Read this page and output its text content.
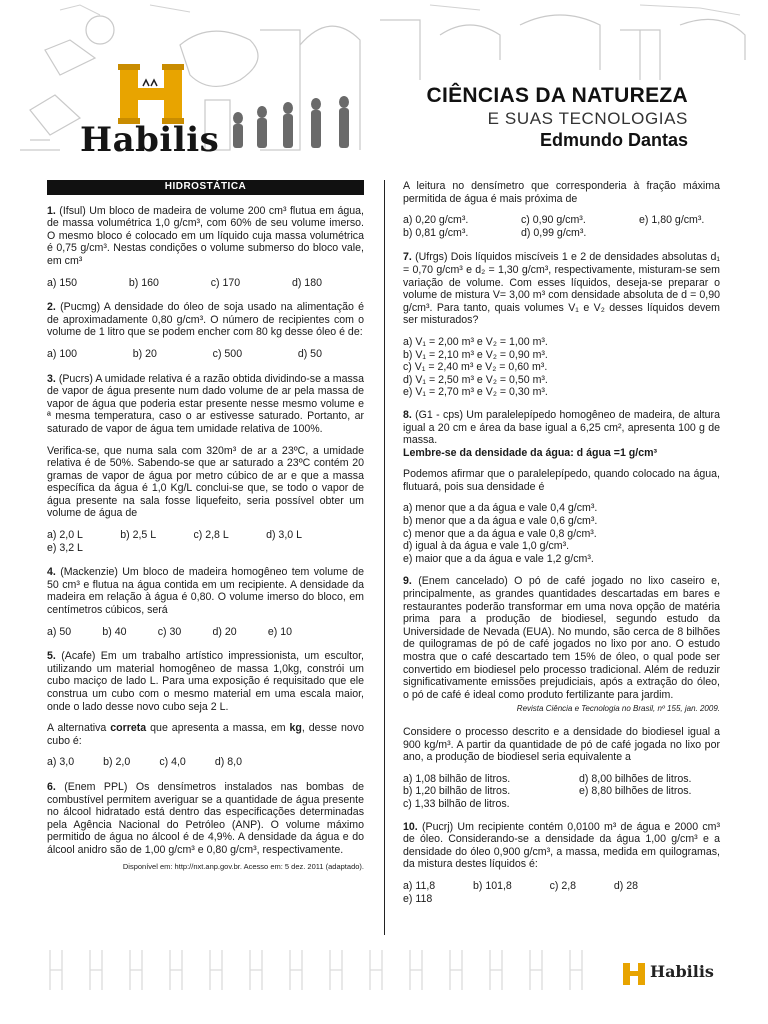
Habilis
CIÊNCIAS DA NATUREZA
E SUAS TECNOLOGIAS
Edmundo Dantas
HIDROSTÁTICA

1. (Ifsul) Um bloco de madeira de volume 200 cm³ flutua em água, de massa volumétrica 1,0 g/cm³, com 60% de seu volume imerso. O mesmo bloco é colocado em um líquido cuja massa volumétrica é 0,75 g/cm³. Nestas condições o volume submerso do bloco vale, em cm³

a) 150	b) 160	c) 170	d) 180

2. (Pucmg) A densidade do óleo de soja usado na alimentação é de aproximadamente 0,80 g/cm³. O número de recipientes com o volume de 1 litro que se podem encher com 80 kg desse óleo é de:

a) 100	b) 20	c) 500	d) 50

3. (Pucrs) A umidade relativa é a razão obtida dividindo-se a massa de vapor de água presente num dado volume de ar pela massa de vapor de água que poderia estar presente nesse mesmo volume e ª mesma temperatura, caso o ar estivesse saturado. Portanto, ar saturado de vapor de água tem umidade relativa de 100%.

Verifica-se, que numa sala com 320m³ de ar a 23ºC, a umidade relativa é de 50%. Sabendo-se que ar saturado a 23ºC contém 20 gramas de vapor de água por metro cúbico de ar e que a massa específica da água é 1,0 Kg/L conclui-se que, se todo o vapor de água presente na sala fosse liquefeito, seria possível obter um volume de água de

a) 2,0 L	b) 2,5 L	c) 2,8 L	d) 3,0 L
e) 3,2 L

4. (Mackenzie) Um bloco de madeira homogêneo tem volume de 50 cm³ e flutua na água contida em um recipiente. A densidade da madeira em relação à água é 0,80. O volume imerso do bloco, em centímetros cúbicos, será

a) 50	b) 40	c) 30	d) 20	e) 10

5. (Acafe) Em um trabalho artístico impressionista, um escultor, utilizando um material homogêneo de massa 1,0kg, constrói um cubo maciço de lado L. Para uma exposição é requisitado que ele construa um cubo com o mesmo material em uma escala maior, onde o lado desse novo cubo seja 2 L.

A alternativa correta que apresenta a massa, em kg, desse novo cubo é:

a) 3,0	b) 2,0	c) 4,0	d) 8,0

6. (Enem PPL) Os densímetros instalados nas bombas de combustível permitem averiguar se a quantidade de água presente no álcool hidratado está dentro das especificações determinadas pela Agência Nacional do Petróleo (ANP). O volume máximo permitido de água no álcool é de 4,9%. A densidade da água e do álcool anidro são de 1,00 g/cm³ e 0,80 g/cm³, respectivamente.

Disponível em: http://nxt.anp.gov.br. Acesso em: 5 dez. 2011 (adaptado).

A leitura no densímetro que corresponderia à fração máxima permitida de água é mais próxima de

a) 0,20 g/cm³.	c) 0,90 g/cm³.	e) 1,80 g/cm³.
b) 0,81 g/cm³.	d) 0,99 g/cm³.

7. (Ufrgs) Dois líquidos miscíveis 1 e 2 de densidades absolutas d₁ = 0,70 g/cm³ e d₂ = 1,30 g/cm³, respectivamente, misturam-se sem variação de volume. Com esses líquidos, deseja-se preparar o volume de mistura V= 3,00 m³ com densidade absoluta de d = 0,90 g/cm³. Para tanto, quais volumes V₁ e V₂ desses líquidos devem ser misturados?

a) V₁ = 2,00 m³ e V₂ = 1,00 m³.
b) V₁ = 2,10 m³ e V₂ = 0,90 m³.
c) V₁ = 2,40 m³ e V₂ = 0,60 m³.
d) V₁ = 2,50 m³ e V₂ = 0,50 m³.
e) V₁ = 2,70 m³ e V₂ = 0,30 m³.

8. (G1 - cps) Um paralelepípedo homogêneo de madeira, de altura igual a 20 cm e área da base igual a 6,25 cm², apresenta 100 g de massa.

Lembre-se da densidade da água: d água =1 g/cm³

Podemos afirmar que o paralelepípedo, quando colocado na água, flutuará, pois sua densidade é

a) menor que a da água e vale 0,4 g/cm³.
b) menor que a da água e vale 0,6 g/cm³.
c) menor que a da água e vale 0,8 g/cm³.
d) igual à da água e vale 1,0 g/cm³.
e) maior que a da água e vale 1,2 g/cm³.

9. (Enem cancelado) O pó de café jogado no lixo caseiro e, principalmente, as grandes quantidades descartadas em bares e restaurantes poderão transformar em uma nova opção de matéria prima para a produção de biodiesel, segundo estudo da Universidade de Nevada (EUA). No mundo, são cerca de 8 bilhões de quilogramas de pó de café jogados no lixo por ano. O estudo mostra que o café descartado tem 15% de óleo, o qual pode ser convertido em biodiesel pelo processo tradicional. Além de reduzir significativamente emissões prejudiciais, após a extração do óleo, o pó de café é ideal como produto fertilizante para jardim.

Revista Ciência e Tecnologia no Brasil, nº 155, jan. 2009.

Considere o processo descrito e a densidade do biodiesel igual a 900 kg/m³. A partir da quantidade de pó de café jogada no lixo por ano, a produção de biodiesel seria equivalente a

a) 1,08 bilhão de litros.	d) 8,00 bilhões de litros.
b) 1,20 bilhão de litros.	e) 8,80 bilhões de litros.
c) 1,33 bilhão de litros.

10. (Pucrj) Um recipiente contém 0,0100 m³ de água e 2000 cm³ de óleo. Considerando-se a densidade da água 1,00 g/cm³ e a densidade do óleo 0,900 g/cm³, a massa, medida em quilogramas, da mistura destes líquidos é:

a) 11,8	b) 101,8	c) 2,8	d) 28
e) 118
Habilis
